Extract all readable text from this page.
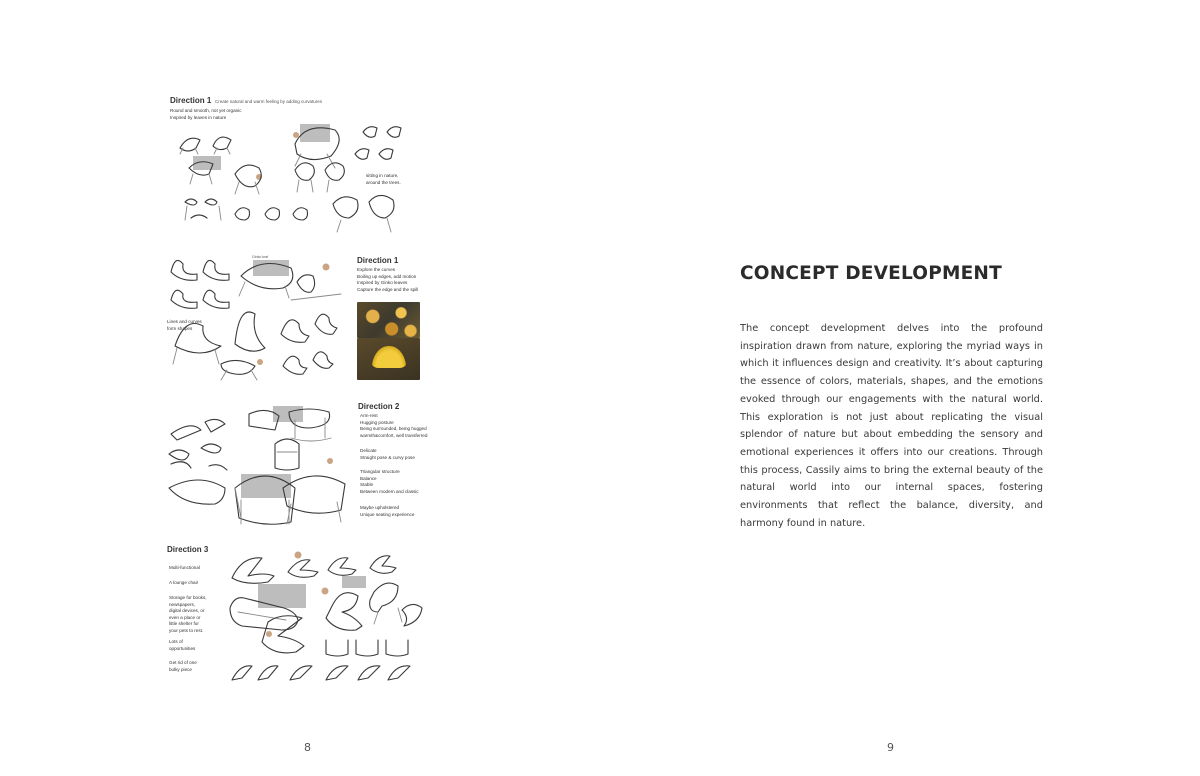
Direction 1 Create natural and warm feeling by adding curvatures
Round and smooth, not yet organic
Inspired by leaves in nature
sitting in nature,
around the trees.
Direction 1
Explore the curves
Boiling up edges, add motion
Inspired by Ginko leaves
Capture the edge and the spill
Lines and curves
form shapes
Ginko leaf
Direction 2
Arm-rest
Hugging posture
Being surrounded, being hugged
warmth&comfort, well transferred
Delicate
Straight pose & curvy pose
Triangular structure
Balance
Stable
Between modern and classic
Maybe upholstered
Unique seating experience
Direction 3
Multi-functional
A lounge chair
Storage for books,
newspapers,
digital devices, or
even a place or
little shelter for
your pets to rest.
Lots of
opportunities
Get rid of one
bulky piece
8
CONCEPT DEVELOPMENT
The concept development delves into the profound inspiration drawn from nature, exploring the myriad ways in which it influences design and creativity. It’s about capturing the essence of colors, materials, shapes, and the emotions evoked through our engagements with the natural world. This exploration is not just about replicating the visual splendor of nature but about embedding the sensory and emotional experiences it offers into our creations. Through this process, Cassily aims to bring the external beauty of the natural world into our internal spaces, fostering environments that reflect the balance, diversity, and harmony found in nature.
9
